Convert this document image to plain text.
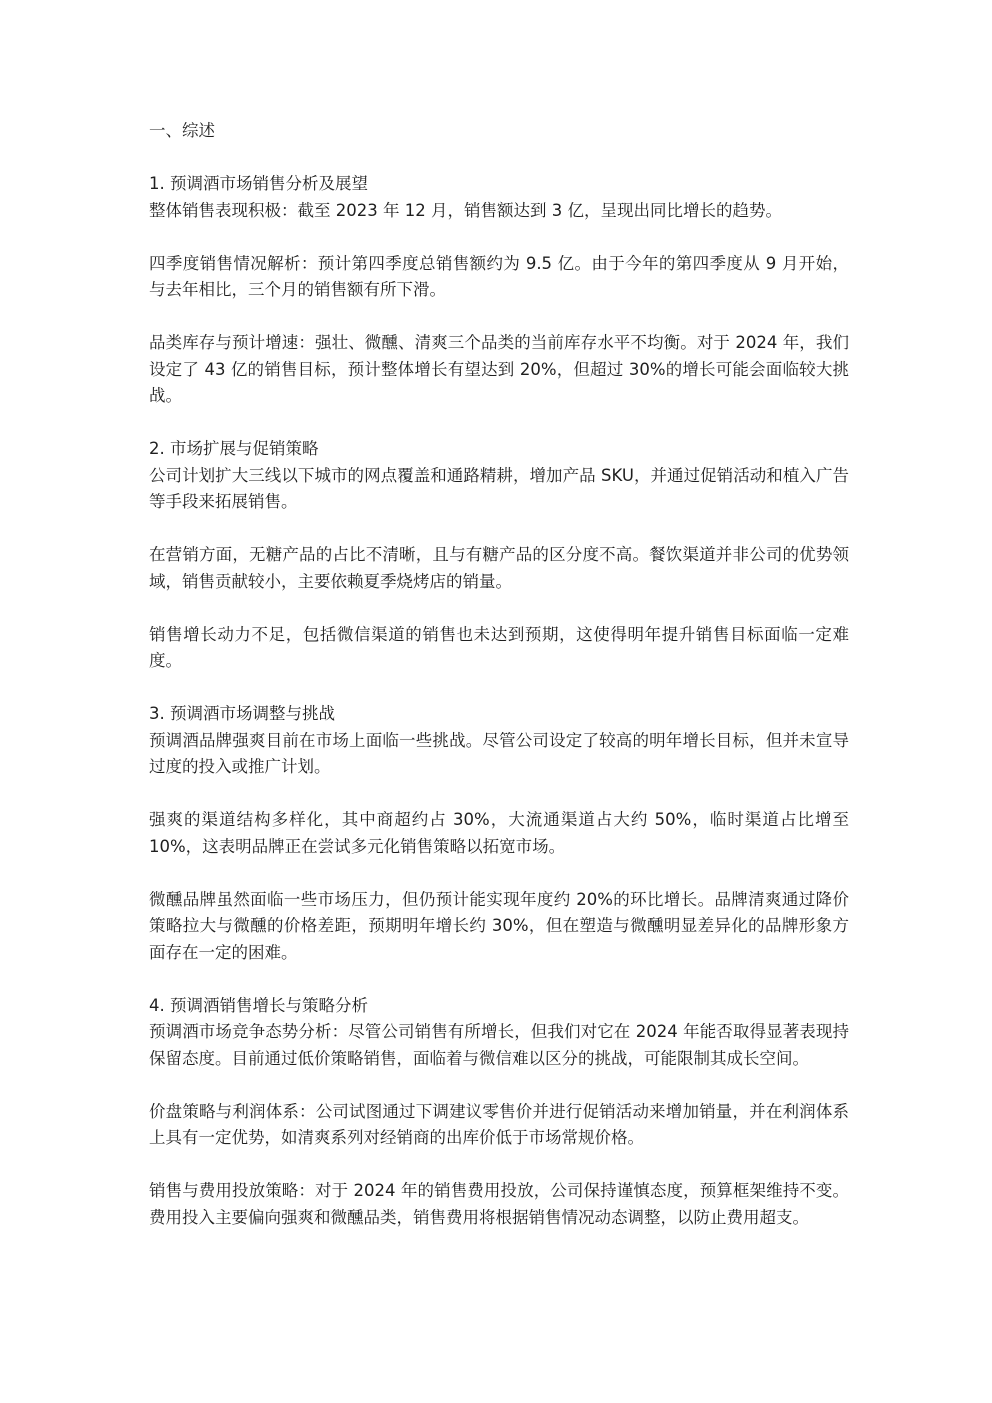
一、综述
1. 预调酒市场销售分析及展望

整体销售表现积极：截至 2023 年 12 月，销售额达到 3 亿，呈现出同比增长的趋势。

四季度销售情况解析：预计第四季度总销售额约为 9.5 亿。由于今年的第四季度从 9 月开始，与去年相比，三个月的销售额有所下滑。

品类库存与预计增速：强壮、微醺、清爽三个品类的当前库存水平不均衡。对于 2024 年，我们设定了 43 亿的销售目标，预计整体增长有望达到 20%，但超过 30%的增长可能会面临较大挑战。

2. 市场扩展与促销策略

公司计划扩大三线以下城市的网点覆盖和通路精耕，增加产品 SKU，并通过促销活动和植入广告等手段来拓展销售。

在营销方面，无糖产品的占比不清晰，且与有糖产品的区分度不高。餐饮渠道并非公司的优势领域，销售贡献较小，主要依赖夏季烧烤店的销量。

销售增长动力不足，包括微信渠道的销售也未达到预期，这使得明年提升销售目标面临一定难度。

3. 预调酒市场调整与挑战

预调酒品牌强爽目前在市场上面临一些挑战。尽管公司设定了较高的明年增长目标，但并未宣导过度的投入或推广计划。

强爽的渠道结构多样化，其中商超约占 30%，大流通渠道占大约 50%，临时渠道占比增至 10%，这表明品牌正在尝试多元化销售策略以拓宽市场。

微醺品牌虽然面临一些市场压力，但仍预计能实现年度约 20%的环比增长。品牌清爽通过降价策略拉大与微醺的价格差距，预期明年增长约 30%，但在塑造与微醺明显差异化的品牌形象方面存在一定的困难。

4. 预调酒销售增长与策略分析

预调酒市场竞争态势分析：尽管公司销售有所增长，但我们对它在 2024 年能否取得显著表现持保留态度。目前通过低价策略销售，面临着与微信难以区分的挑战，可能限制其成长空间。

价盘策略与利润体系：公司试图通过下调建议零售价并进行促销活动来增加销量，并在利润体系上具有一定优势，如清爽系列对经销商的出库价低于市场常规价格。

销售与费用投放策略：对于 2024 年的销售费用投放，公司保持谨慎态度，预算框架维持不变。费用投入主要偏向强爽和微醺品类，销售费用将根据销售情况动态调整，以防止费用超支。
